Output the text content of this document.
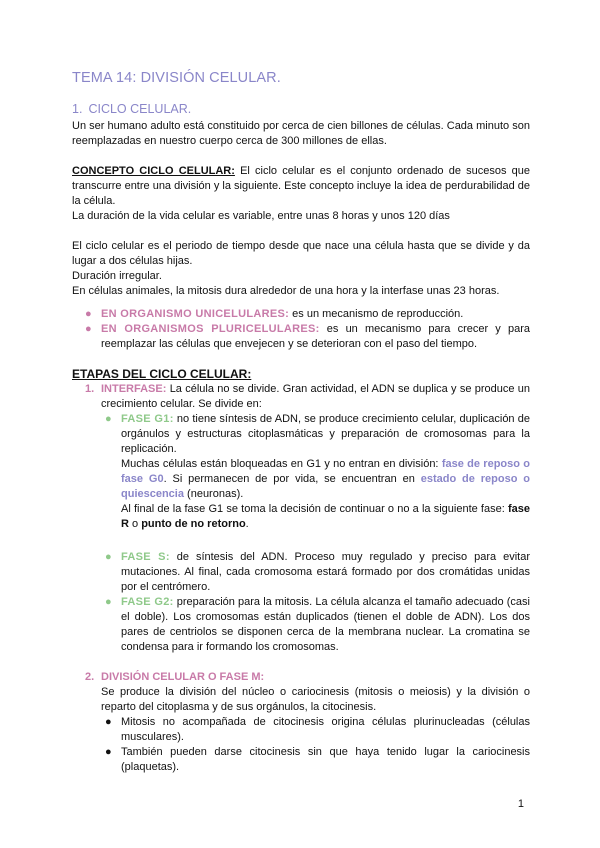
TEMA 14: DIVISIÓN CELULAR.
1. CICLO CELULAR.

Un ser humano adulto está constituido por cerca de cien billones de células. Cada minuto son reemplazadas en nuestro cuerpo cerca de 300 millones de ellas.

CONCEPTO CICLO CELULAR: El ciclo celular es el conjunto ordenado de sucesos que transcurre entre una división y la siguiente. Este concepto incluye la idea de perdurabilidad de la célula.

La duración de la vida celular es variable, entre unas 8 horas y unos 120 días

El ciclo celular es el periodo de tiempo desde que nace una célula hasta que se divide y da lugar a dos células hijas.

Duración irregular.

En células animales, la mitosis dura alrededor de una hora y la interfase unas 23 horas.

● EN ORGANISMO UNICELULARES: es un mecanismo de reproducción.
● EN ORGANISMOS PLURICELULARES: es un mecanismo para crecer y para reemplazar las células que envejecen y se deterioran con el paso del tiempo.

ETAPAS DEL CICLO CELULAR:

1. INTERFASE: La célula no se divide. Gran actividad, el ADN se duplica y se produce un crecimiento celular. Se divide en:

● FASE G1: no tiene síntesis de ADN, se produce crecimiento celular, duplicación de orgánulos y estructuras citoplasmáticas y preparación de cromosomas para la replicación.
Muchas células están bloqueadas en G1 y no entran en división: fase de reposo o fase G0. Si permanecen de por vida, se encuentran en estado de reposo o quiescencia (neuronas).
Al final de la fase G1 se toma la decisión de continuar o no a la siguiente fase: fase R o punto de no retorno.
● FASE S: de síntesis del ADN. Proceso muy regulado y preciso para evitar mutaciones. Al final, cada cromosoma estará formado por dos cromátidas unidas por el centrómero.
● FASE G2: preparación para la mitosis. La célula alcanza el tamaño adecuado (casi el doble). Los cromosomas están duplicados (tienen el doble de ADN). Los dos pares de centriolos se disponen cerca de la membrana nuclear. La cromatina se condensa para ir formando los cromosomas.
2. DIVISIÓN CELULAR O FASE M:

Se produce la división del núcleo o cariocinesis (mitosis o meiosis) y la división o reparto del citoplasma y de sus orgánulos, la citocinesis.

● Mitosis no acompañada de citocinesis origina células plurinucleadas (células musculares).
● También pueden darse citocinesis sin que haya tenido lugar la cariocinesis (plaquetas).
1
